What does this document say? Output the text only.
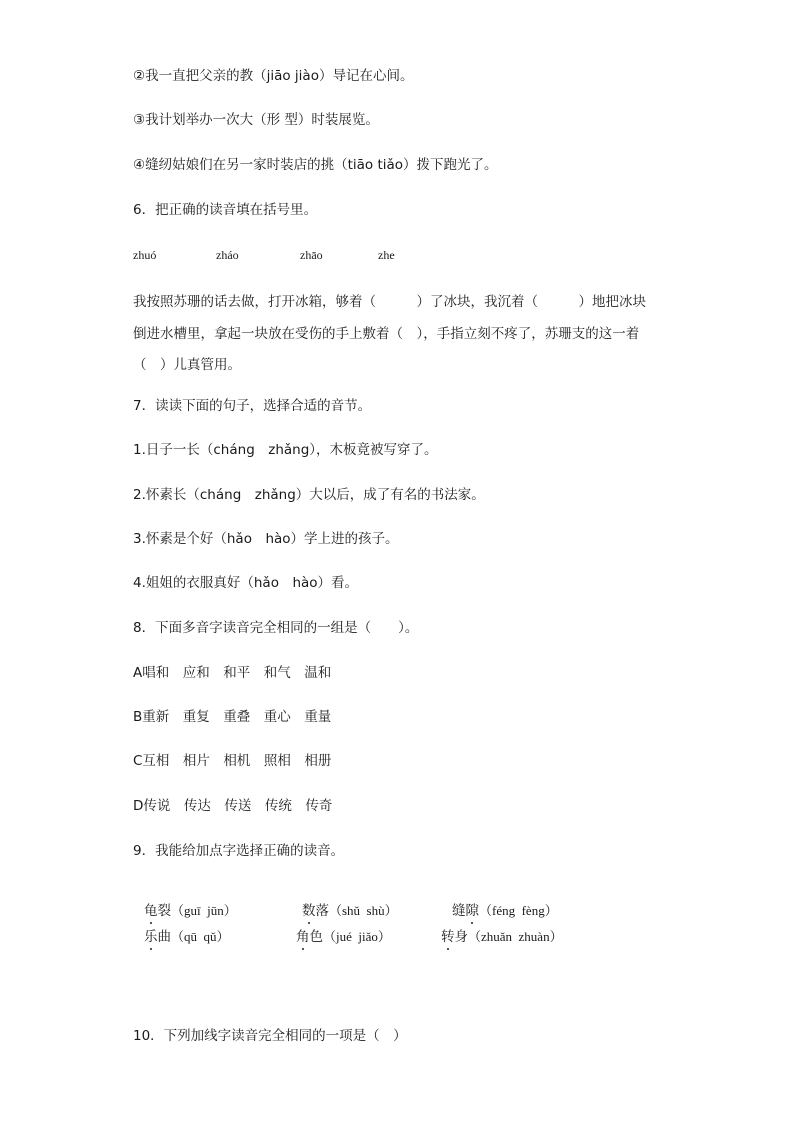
②我一直把父亲的教（jiāo jiào）导记在心间。
③我计划举办一次大（形 型）时装展览。
④缝纫姑娘们在另一家时装店的挑（tiāo tiǎo）拨下跑光了。
6．把正确的读音填在括号里。
zhuó	zháo	zhāo	zhe
我按照苏珊的话去做，打开冰箱，够着（　　　）了冰块，我沉着（　　　）地把冰块
倒进水槽里，拿起一块放在受伤的手上敷着（　），手指立刻不疼了，苏珊支的这一着
（　）儿真管用。
7．读读下面的句子，选择合适的音节。
1.日子一长（cháng　zhǎng），木板竟被写穿了。
2.怀素长（cháng　zhǎng）大以后，成了有名的书法家。
3.怀素是个好（hǎo　hào）学上进的孩子。
4.姐姐的衣服真好（hǎo　hào）看。
8．下面多音字读音完全相同的一组是（　　）。
A唱和　应和　和平　和气　温和
B重新　重复　重叠　重心　重量
C互相　相片　相机　照相　相册
D传说　传达　传送　传统　传奇
9．我能给加点字选择正确的读音。
龟裂（guī  jūn）	数落（shǔ  shù）	缝隙（féng  fèng）
乐曲（qū  qǔ）	角色（jué  jiǎo）	转身（zhuǎn  zhuàn）
10．下列加线字读音完全相同的一项是（　）
